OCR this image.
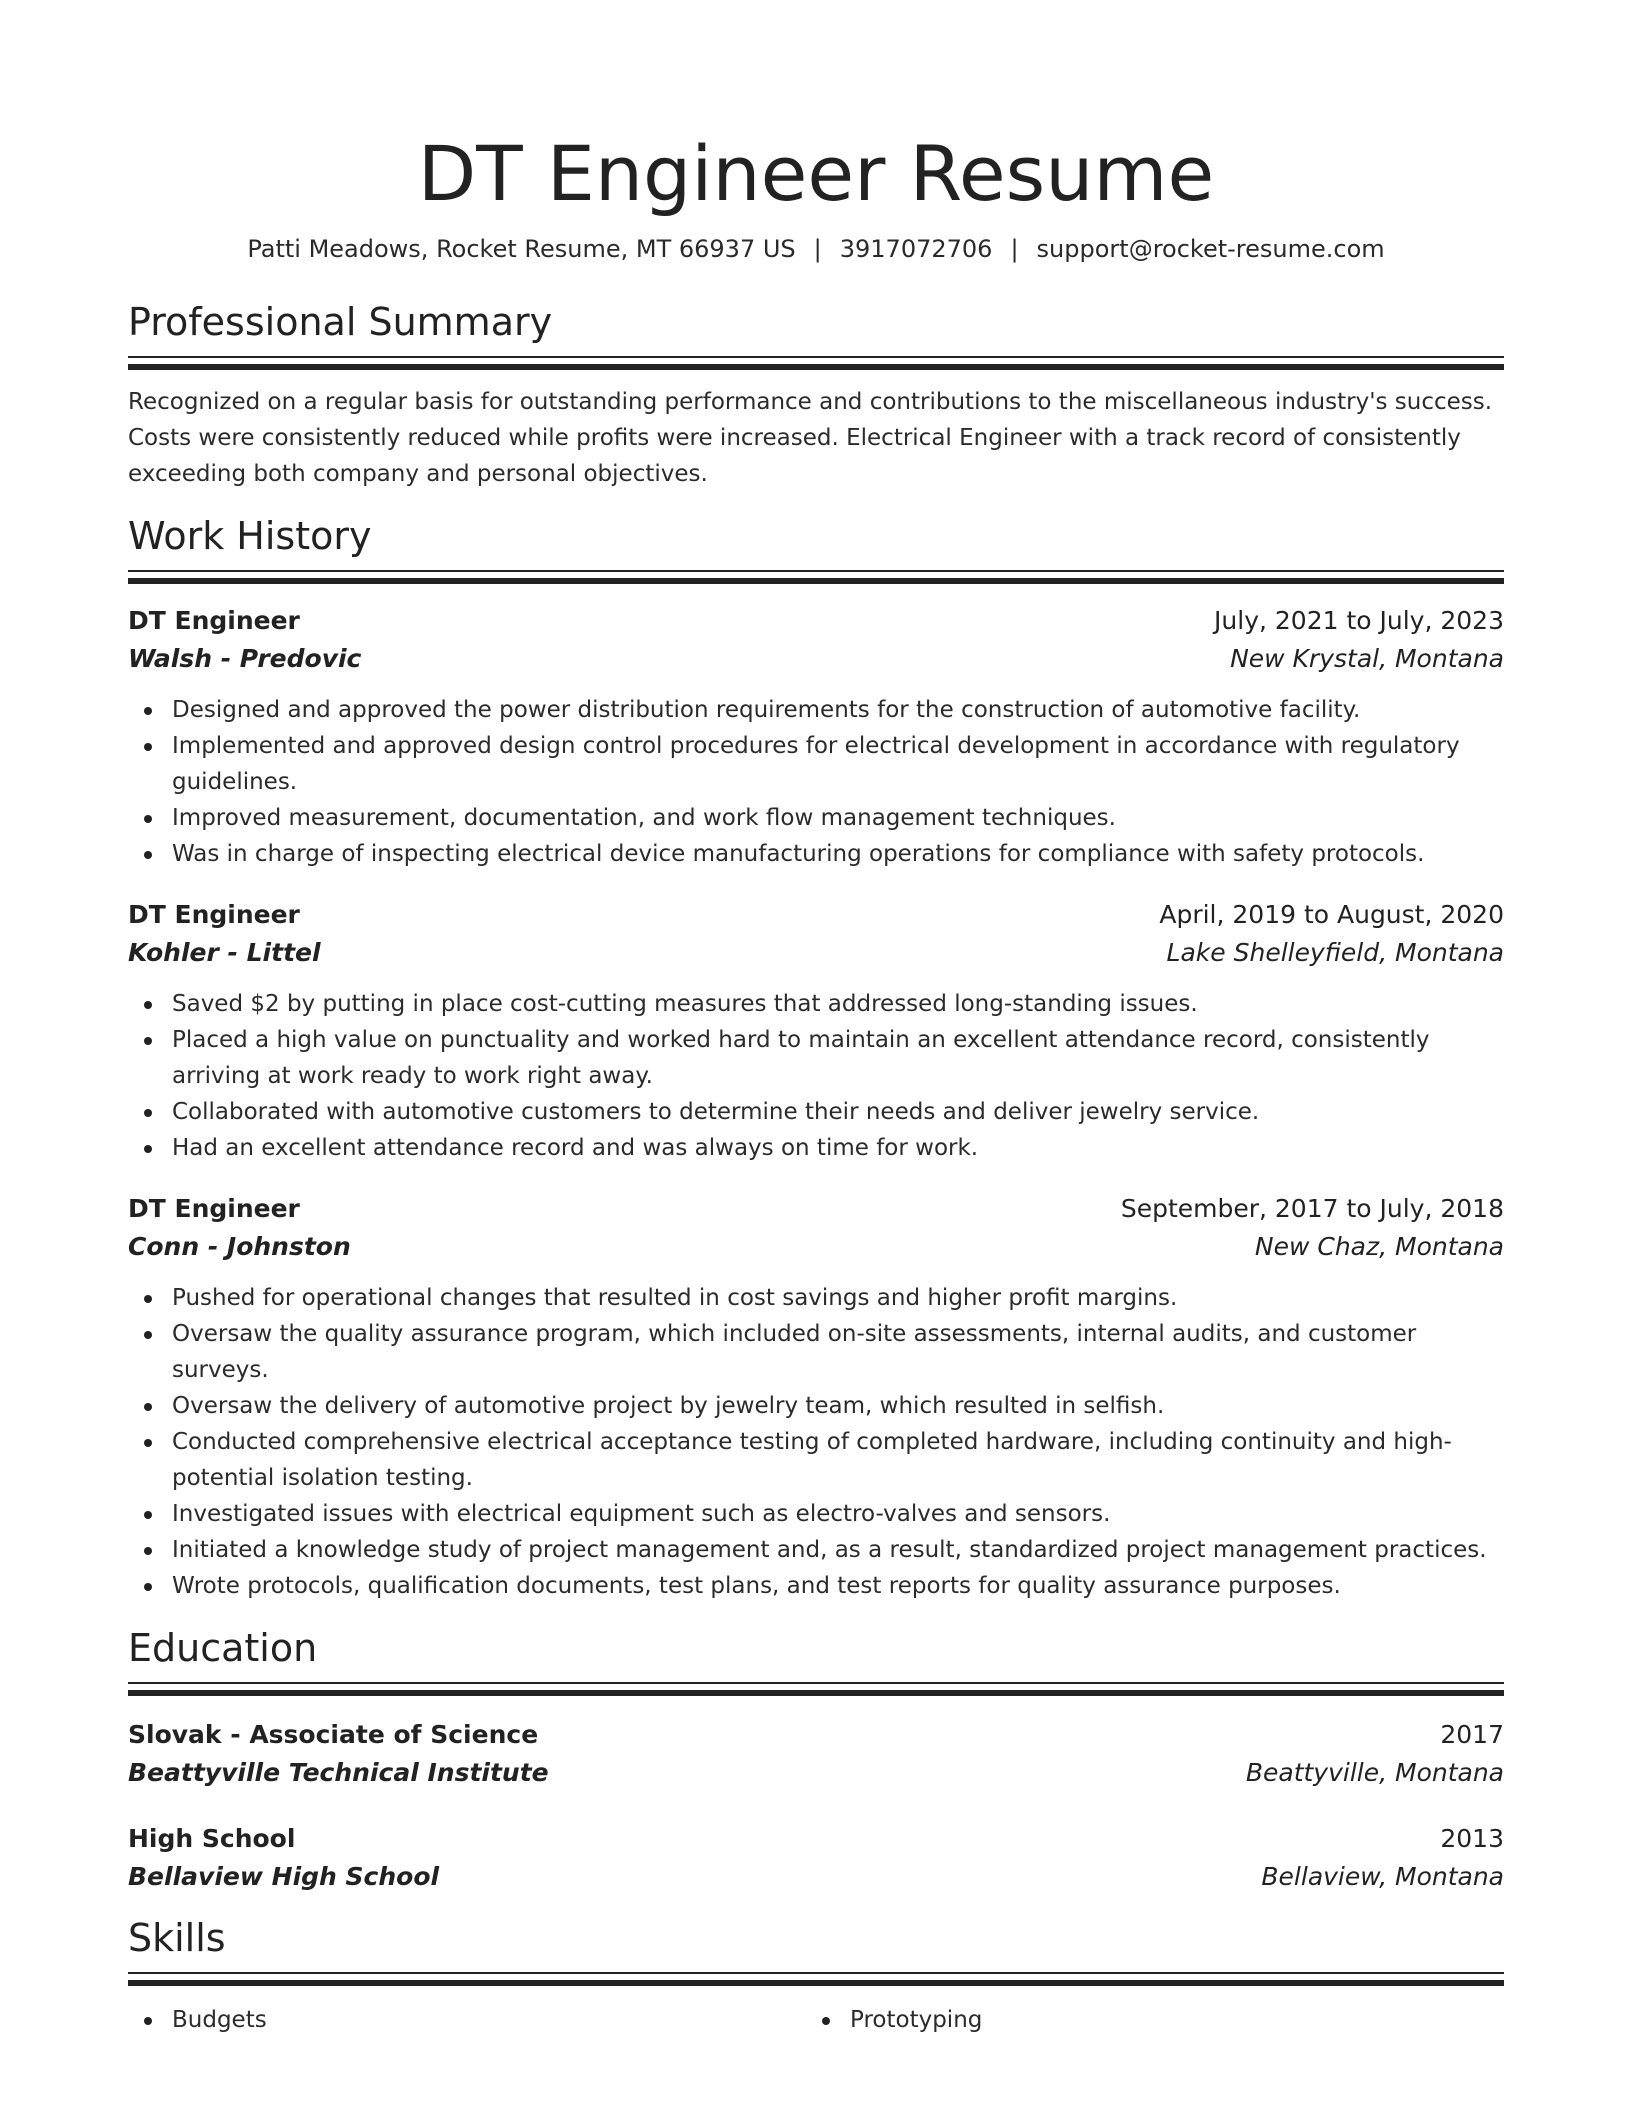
DT Engineer Resume
Patti Meadows, Rocket Resume, MT 66937 US | 3917072706 | support@rocket-resume.com
Professional Summary
Recognized on a regular basis for outstanding performance and contributions to the miscellaneous industry's success. Costs were consistently reduced while profits were increased. Electrical Engineer with a track record of consistently exceeding both company and personal objectives.
Work History
DT Engineer	July, 2021 to July, 2023
Walsh - Predovic	New Krystal, Montana
Designed and approved the power distribution requirements for the construction of automotive facility.
Implemented and approved design control procedures for electrical development in accordance with regulatory guidelines.
Improved measurement, documentation, and work flow management techniques.
Was in charge of inspecting electrical device manufacturing operations for compliance with safety protocols.
DT Engineer	April, 2019 to August, 2020
Kohler - Littel	Lake Shelleyfield, Montana
Saved $2 by putting in place cost-cutting measures that addressed long-standing issues.
Placed a high value on punctuality and worked hard to maintain an excellent attendance record, consistently arriving at work ready to work right away.
Collaborated with automotive customers to determine their needs and deliver jewelry service.
Had an excellent attendance record and was always on time for work.
DT Engineer	September, 2017 to July, 2018
Conn - Johnston	New Chaz, Montana
Pushed for operational changes that resulted in cost savings and higher profit margins.
Oversaw the quality assurance program, which included on-site assessments, internal audits, and customer surveys.
Oversaw the delivery of automotive project by jewelry team, which resulted in selfish.
Conducted comprehensive electrical acceptance testing of completed hardware, including continuity and high-potential isolation testing.
Investigated issues with electrical equipment such as electro-valves and sensors.
Initiated a knowledge study of project management and, as a result, standardized project management practices.
Wrote protocols, qualification documents, test plans, and test reports for quality assurance purposes.
Education
Slovak - Associate of Science	2017
Beattyville Technical Institute	Beattyville, Montana
High School	2013
Bellaview High School	Bellaview, Montana
Skills
Budgets	Prototyping
